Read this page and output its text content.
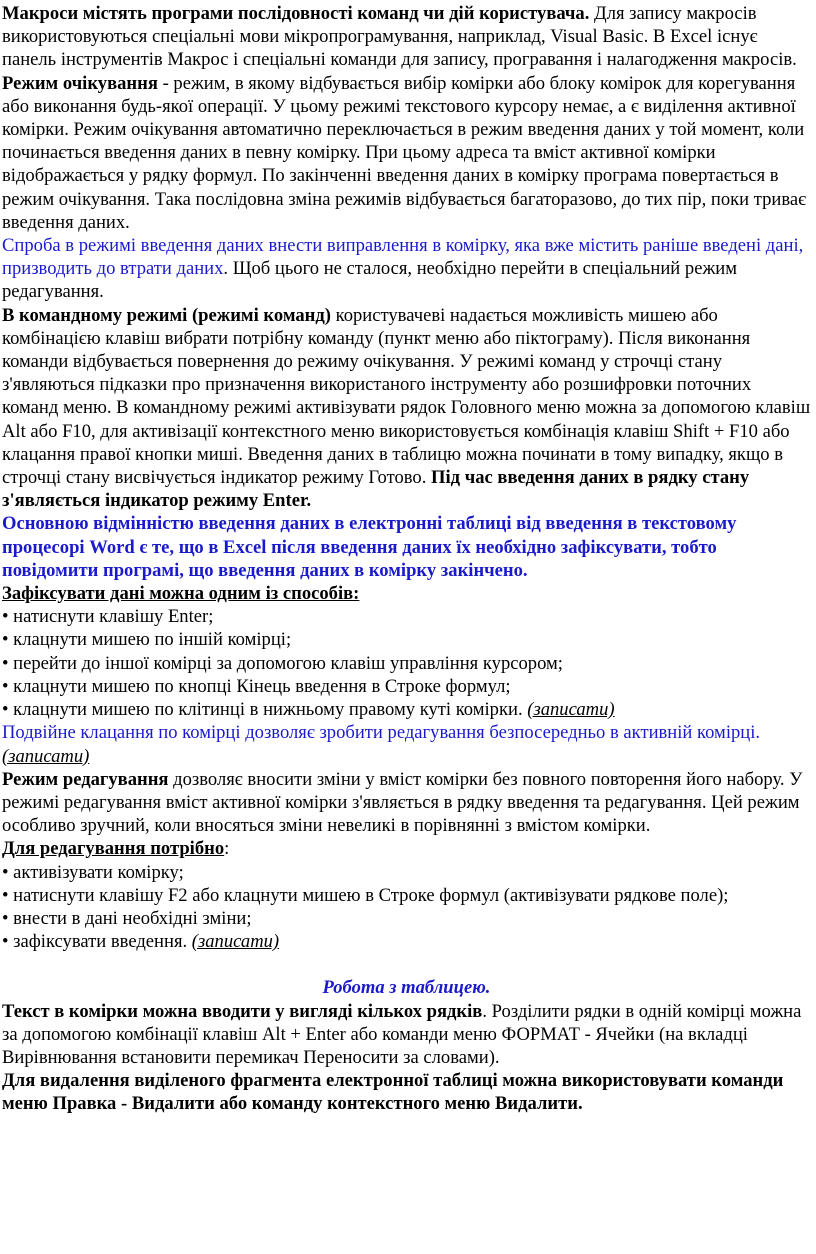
Макроси містять програми послідовності команд чи дій користувача. Для запису макросів використовуються спеціальні мови мікропрограмування, наприклад, Visual Basic. В Excel існує панель інструментів Макрос і спеціальні команди для запису, програвання і налагодження макросів.

Режим очікування - режим, в якому відбувається вибір комірки або блоку комірок для корегування або виконання будь-якої операції. У цьому режимі текстового курсору немає, а є виділення активної комірки. Режим очікування автоматично переключається в режим введення даних у той момент, коли починається введення даних в певну комірку. При цьому адреса та вміст активної комірки відображається у рядку формул. По закінченні введення даних в комірку програма повертається в режим очікування. Така послідовна зміна режимів відбувається багаторазово, до тих пір, поки триває введення даних.

Спроба в режимі введення даних внести виправлення в комірку, яка вже містить раніше введені дані, призводить до втрати даних. Щоб цього не сталося, необхідно перейти в спеціальний режим редагування.

В командному режимі (режимі команд) користувачеві надається можливість мишею або комбінацією клавіш вибрати потрібну команду (пункт меню або піктограму). Після виконання команди відбувається повернення до режиму очікування. У режимі команд у строчці стану з'являються підказки про призначення використаного інструменту або розшифровки поточних команд меню. В командному режимі активізувати рядок Головного меню можна за допомогою клавіш Alt або F10, для активізації контекстного меню використовується комбінація клавіш Shift + F10 або клацання правої кнопки миші. Введення даних в таблицю можна починати в тому випадку, якщо в строчці стану висвічується індикатор режиму Готово. Під час введення даних в рядку стану з'являється індикатор режиму Enter.

Основною відмінністю введення даних в електронні таблиці від введення в текстовому процесорі Word є те, що в Excel після введення даних їх необхідно зафіксувати, тобто повідомити програмі, що введення даних в комірку закінчено.

Зафіксувати дані можна одним із способів:

• натиснути клавішу Enter;

• клацнути мишею по іншій комірці;

• перейти до іншої комірці за допомогою клавіш управління курсором;

• клацнути мишею по кнопці Кінець введення в Строке формул;

• клацнути мишею по клітинці в нижньому правому куті комірки. (записати)

Подвійне клацання по комірці дозволяє зробити редагування безпосередньо в активній комірці.(записати)

Режим редагування дозволяє вносити зміни у вміст комірки без повного повторення його набору. У режимі редагування вміст активної комірки з'являється в рядку введення та редагування. Цей режим особливо зручний, коли вносяться зміни невеликі в порівнянні з вмістом комірки.

Для редагування потрібно:

• активізувати комірку;

• натиснути клавішу F2 або клацнути мишею в Строке формул (активізувати рядкове поле);

• внести в дані необхідні зміни;

• зафіксувати введення. (записати)

Робота з таблицею.

Текст в комірки можна вводити у вигляді кількох рядків. Розділити рядки в одній комірці можна за допомогою комбінації клавіш Alt + Enter або команди меню ФОРМАТ - Ячейки (на вкладці Вирівнювання встановити перемикач Переносити за словами).

Для видалення виділеного фрагмента електронної таблиці можна використовувати команди меню Правка - Видалити або команду контекстного меню Видалити.
